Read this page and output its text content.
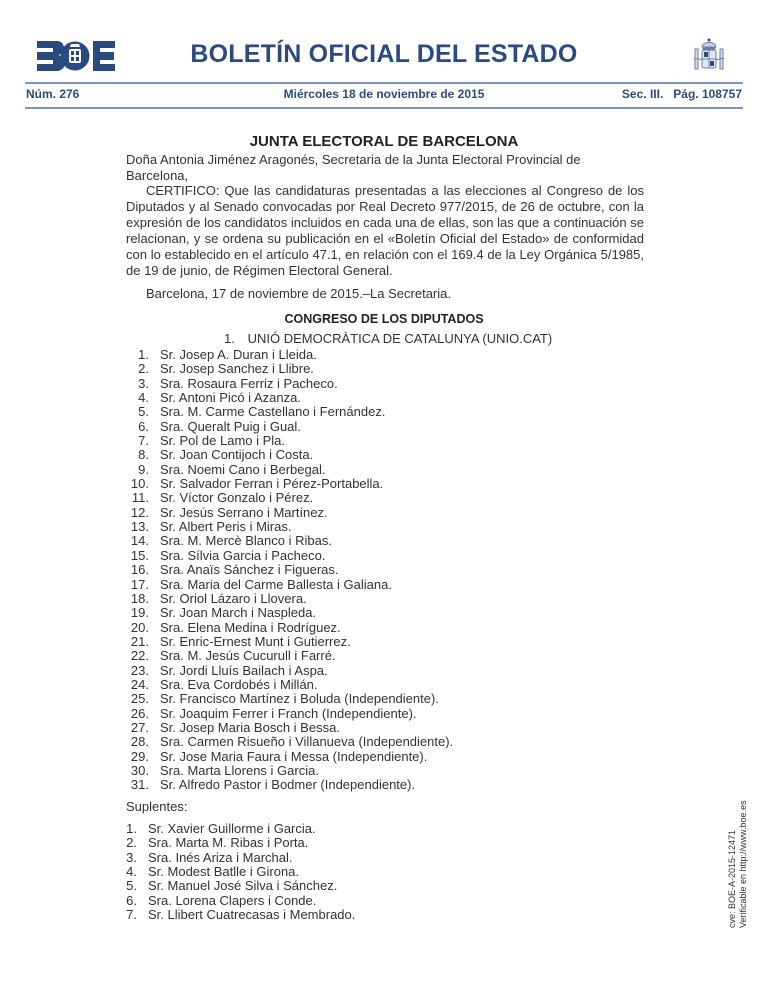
BOLETÍN OFICIAL DEL ESTADO
Núm. 276	Miércoles 18 de noviembre de 2015	Sec. III.   Pág. 108757
JUNTA ELECTORAL DE BARCELONA
Doña Antonia Jiménez Aragonés, Secretaria de la Junta Electoral Provincial de Barcelona,
CERTIFICO: Que las candidaturas presentadas a las elecciones al Congreso de los Diputados y al Senado convocadas por Real Decreto 977/2015, de 26 de octubre, con la expresión de los candidatos incluidos en cada una de ellas, son las que a continuación se relacionan, y se ordena su publicación en el «Boletín Oficial del Estado» de conformidad con lo establecido en el artículo 47.1, en relación con el 169.4 de la Ley Orgánica 5/1985, de 19 de junio, de Régimen Electoral General.
Barcelona, 17 de noviembre de 2015.–La Secretaria.
CONGRESO DE LOS DIPUTADOS
1. UNIÓ DEMOCRÀTICA DE CATALUNYA (UNIO.CAT)
1. Sr. Josep A. Duran i Lleida.
2. Sr. Josep Sanchez i Llibre.
3. Sra. Rosaura Ferriz i Pacheco.
4. Sr. Antoni Picó i Azanza.
5. Sra. M. Carme Castellano i Fernández.
6. Sra. Queralt Puig i Gual.
7. Sr. Pol de Lamo i Pla.
8. Sr. Joan Contijoch i Costa.
9. Sra. Noemi Cano i Berbegal.
10. Sr. Salvador Ferran i Pérez-Portabella.
11. Sr. Víctor Gonzalo i Pérez.
12. Sr. Jesús Serrano i Martínez.
13. Sr. Albert Peris i Miras.
14. Sra. M. Mercè Blanco i Ribas.
15. Sra. Sílvia Garcia i Pacheco.
16. Sra. Anaïs Sánchez i Figueras.
17. Sra. Maria del Carme Ballesta i Galiana.
18. Sr. Oriol Lázaro i Llovera.
19. Sr. Joan March i Naspleda.
20. Sra. Elena Medina i Rodríguez.
21. Sr. Enric-Ernest Munt i Gutierrez.
22. Sra. M. Jesús Cucurull i Farré.
23. Sr. Jordi Lluís Bailach i Aspa.
24. Sra. Eva Cordobés i Millán.
25. Sr. Francisco Martínez i Boluda (Independiente).
26. Sr. Joaquim Ferrer i Franch (Independiente).
27. Sr. Josep Maria Bosch i Bessa.
28. Sra. Carmen Risueño i Villanueva (Independiente).
29. Sr. Jose Maria Faura i Messa (Independiente).
30. Sra. Marta Llorens i Garcia.
31. Sr. Alfredo Pastor i Bodmer (Independiente).
Suplentes:
1. Sr. Xavier Guillorme i Garcia.
2. Sra. Marta M. Ribas i Porta.
3. Sra. Inés Ariza i Marchal.
4. Sr. Modest Batlle i Girona.
5. Sr. Manuel José Silva i Sánchez.
6. Sra. Lorena Clapers i Conde.
7. Sr. Llibert Cuatrecasas i Membrado.	cve: BOE-A-2015-12471 Verificable en http://www.boe.es
